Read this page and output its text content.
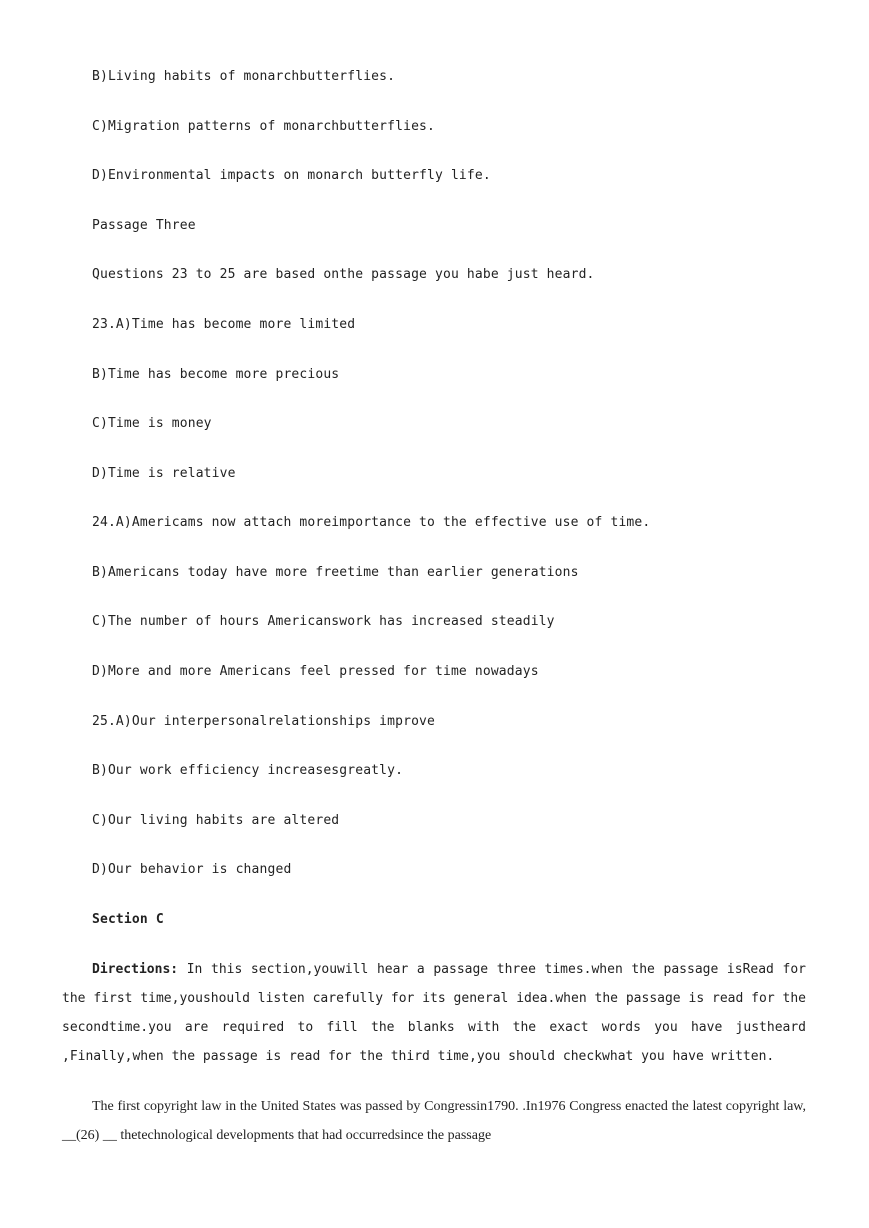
B)Living habits of monarchbutterflies.
C)Migration patterns of monarchbutterflies.
D)Environmental impacts on monarch butterfly life.
Passage Three
Questions 23 to 25 are based onthe passage you habe just heard.
23.A)Time has become more limited
B)Time has become more precious
C)Time is money
D)Time is relative
24.A)Americams now attach moreimportance to the effective use of time.
B)Americans today have more freetime than earlier generations
C)The number of hours Americanswork has increased steadily
D)More and more Americans feel pressed for time nowadays
25.A)Our interpersonalrelationships improve
B)Our work efficiency increasesgreatly.
C)Our living habits are altered
D)Our behavior is changed
Section C
Directions: In this section,youwill hear a passage three times.when the passage isRead for the first time,youshould listen carefully for its general idea.when the passage is read for the secondtime.you are required to fill the blanks with the exact words you have justheard ,Finally,when the passage is read for the third time,you should checkwhat you have written.
The first copyright law in the United States was passed by Congressin1790. .In1976 Congress enacted the latest copyright law, __(26) __ thetechnological developments that had occurredsince the passage
